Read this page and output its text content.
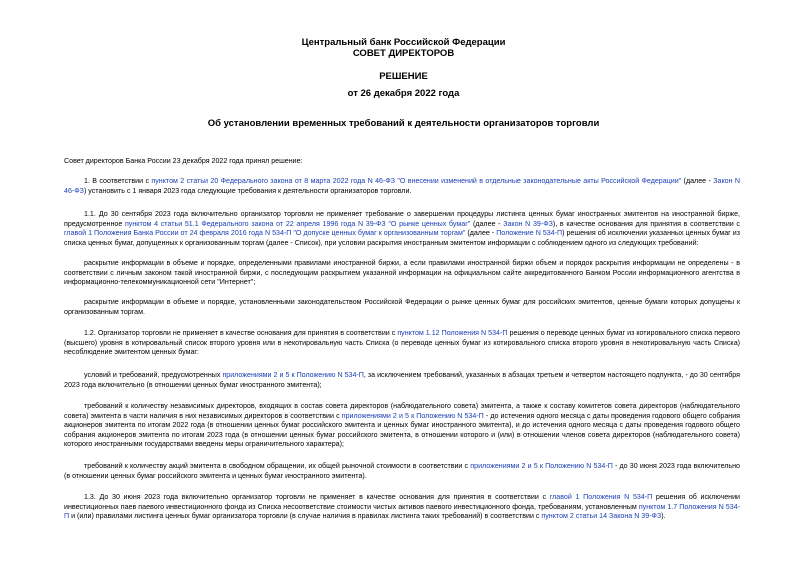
Центральный банк Российской Федерации
СОВЕТ ДИРЕКТОРОВ
РЕШЕНИЕ
от 26 декабря 2022 года
Об установлении временных требований к деятельности организаторов торговли
Совет директоров Банка России 23 декабря 2022 года принял решение:
1. В соответствии с пунктом 2 статьи 20 Федерального закона от 8 марта 2022 года N 46-ФЗ "О внесении изменений в отдельные законодательные акты Российской Федерации" (далее - Закон N 46-ФЗ) установить с 1 января 2023 года следующие требования к деятельности организаторов торговли.
1.1. До 30 сентября 2023 года включительно организатор торговли не применяет требование о завершении процедуры листинга ценных бумаг иностранных эмитентов на иностранной бирже, предусмотренное пунктом 4 статьи 51.1 Федерального закона от 22 апреля 1996 года N 39-ФЗ "О рынке ценных бумаг" (далее - Закон N 39-ФЗ), в качестве основания для принятия в соответствии с главой 1 Положения Банка России от 24 февраля 2016 года N 534-П "О допуске ценных бумаг к организованным торгам" (далее - Положение N 534-П) решения об исключении указанных ценных бумаг из списка ценных бумаг, допущенных к организованным торгам (далее - Список), при условии раскрытия иностранным эмитентом информации с соблюдением одного из следующих требований:
раскрытие информации в объеме и порядке, определенными правилами иностранной биржи, а если правилами иностранной биржи объем и порядок раскрытия информации не определены - в соответствии с личным законом такой иностранной биржи, с последующим раскрытием указанной информации на официальном сайте аккредитованного Банком России информационного агентства в информационно-телекоммуникационной сети "Интернет";
раскрытие информации в объеме и порядке, установленными законодательством Российской Федерации о рынке ценных бумаг для российских эмитентов, ценные бумаги которых допущены к организованным торгам.
1.2. Организатор торговли не применяет в качестве основания для принятия в соответствии с пунктом 1.12 Положения N 534-П решения о переводе ценных бумаг из котировального списка первого (высшего) уровня в котировальный список второго уровня или в некотировальную часть Списка (о переводе ценных бумаг из котировального списка второго уровня в некотировальную часть Списка) несоблюдение эмитентом ценных бумаг:
условий и требований, предусмотренных приложениями 2 и 5 к Положению N 534-П, за исключением требований, указанных в абзацах третьем и четвертом настоящего подпункта, - до 30 сентября 2023 года включительно (в отношении ценных бумаг иностранного эмитента);
требований к количеству независимых директоров, входящих в состав совета директоров (наблюдательного совета) эмитента, а также к составу комитетов совета директоров (наблюдательного совета) эмитента в части наличия в них независимых директоров в соответствии с приложениями 2 и 5 к Положению N 534-П - до истечения одного месяца с даты проведения годового общего собрания акционеров эмитента по итогам 2022 года (в отношении ценных бумаг российского эмитента и ценных бумаг иностранного эмитента), и до истечения одного месяца с даты проведения годового общего собрания акционеров эмитента по итогам 2023 года (в отношении ценных бумаг российского эмитента, в отношении которого и (или) в отношении членов совета директоров (наблюдательного совета) которого иностранными государствами введены меры ограничительного характера);
требований к количеству акций эмитента в свободном обращении, их общей рыночной стоимости в соответствии с приложениями 2 и 5 к Положению N 534-П - до 30 июня 2023 года включительно (в отношении ценных бумаг российского эмитента и ценных бумаг иностранного эмитента).
1.3. До 30 июня 2023 года включительно организатор торговли не применяет в качестве основания для принятия в соответствии с главой 1 Положения N 534-П решения об исключении инвестиционных паев паевого инвестиционного фонда из Списка несоответствие стоимости чистых активов паевого инвестиционного фонда, требованиям, установленным пунктом 1.7 Положения N 534-П и (или) правилами листинга ценных бумаг организатора торговли (в случае наличия в правилах листинга таких требований) в соответствии с пунктом 2 статьи 14 Закона N 39-ФЗ).
